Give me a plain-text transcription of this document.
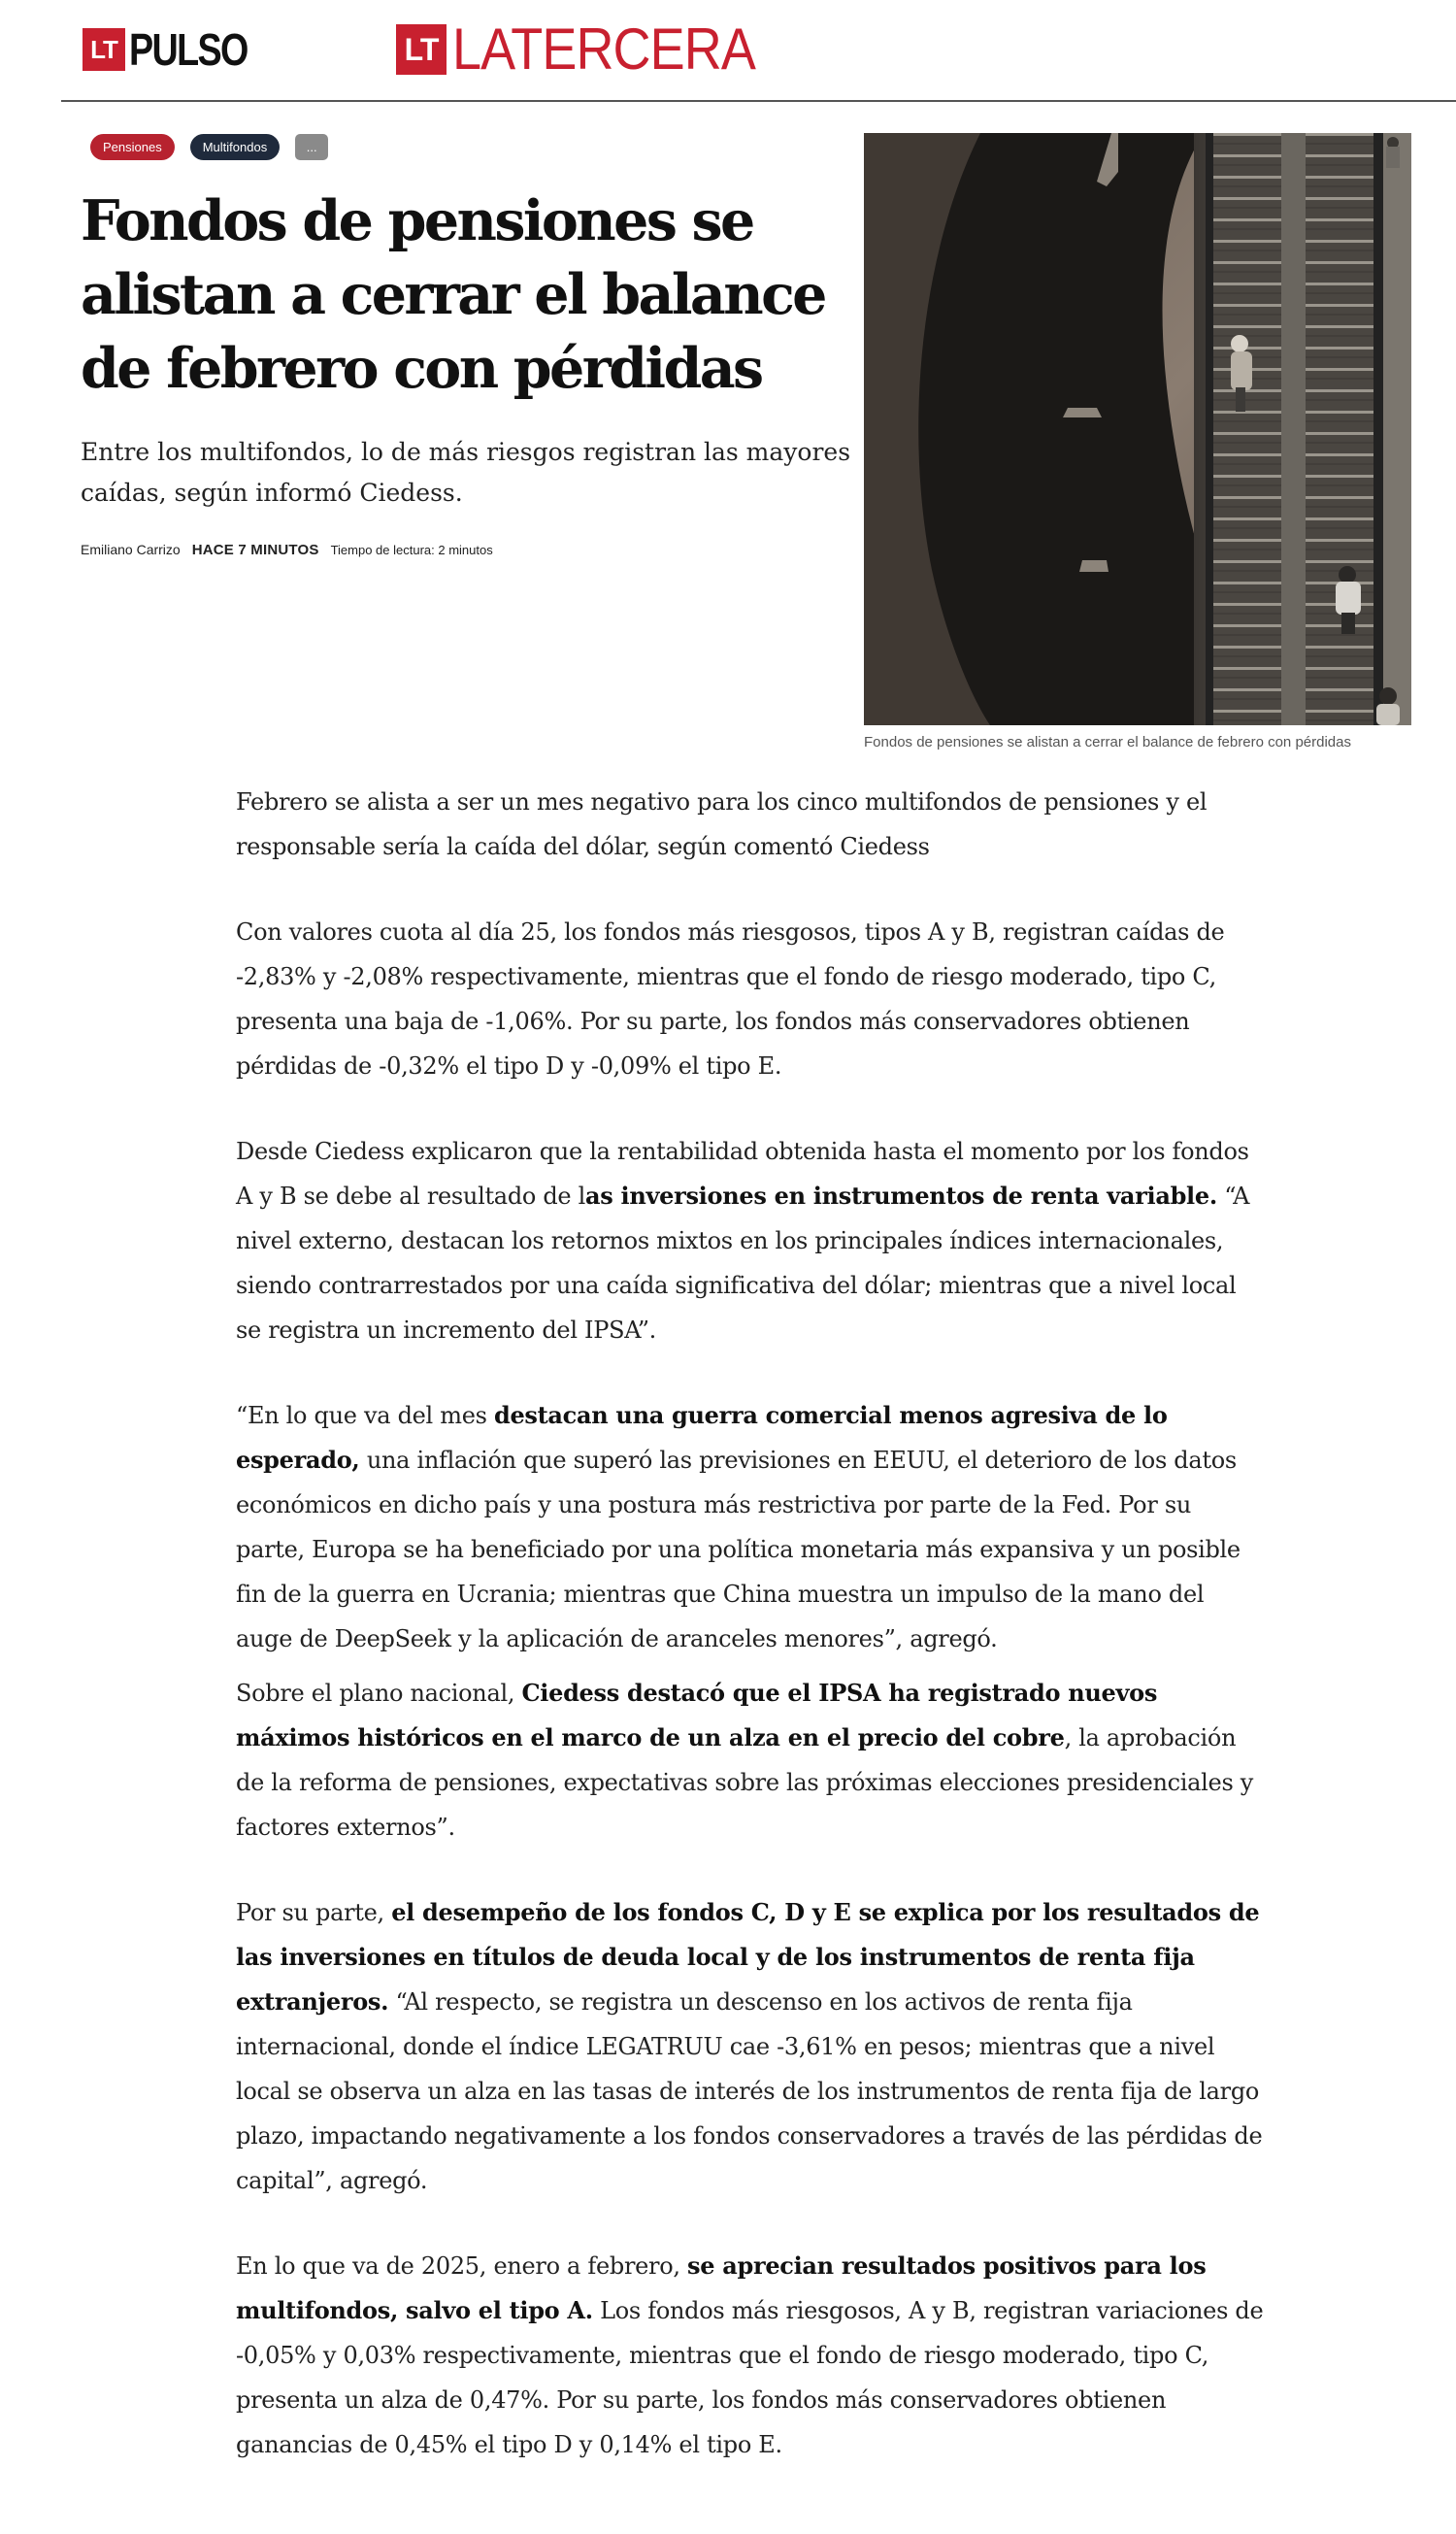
LT PULSO	LT LATERCERA
Pensiones	Multifondos	...
Fondos de pensiones se alistan a cerrar el balance de febrero con pérdidas

Entre los multifondos, lo de más riesgos registran las mayores caídas, según informó Ciedess.

Emiliano Carrizo HACE 7 MINUTOS Tiempo de lectura: 2 minutos
Fondos de pensiones se alistan a cerrar el balance de febrero con pérdidas

Febrero se alista a ser un mes negativo para los cinco multifondos de pensiones y el responsable sería la caída del dólar, según comentó Ciedess

Con valores cuota al día 25, los fondos más riesgosos, tipos A y B, registran caídas de -2,83% y -2,08% respectivamente, mientras que el fondo de riesgo moderado, tipo C, presenta una baja de -1,06%. Por su parte, los fondos más conservadores obtienen pérdidas de -0,32% el tipo D y -0,09% el tipo E.

Desde Ciedess explicaron que la rentabilidad obtenida hasta el momento por los fondos A y B se debe al resultado de las inversiones en instrumentos de renta variable. “A nivel externo, destacan los retornos mixtos en los principales índices internacionales, siendo contrarrestados por una caída significativa del dólar; mientras que a nivel local se registra un incremento del IPSA”.

“En lo que va del mes destacan una guerra comercial menos agresiva de lo esperado, una inflación que superó las previsiones en EEUU, el deterioro de los datos económicos en dicho país y una postura más restrictiva por parte de la Fed. Por su parte, Europa se ha beneficiado por una política monetaria más expansiva y un posible fin de la guerra en Ucrania; mientras que China muestra un impulso de la mano del auge de DeepSeek y la aplicación de aranceles menores”, agregó.

Sobre el plano nacional, Ciedess destacó que el IPSA ha registrado nuevos máximos históricos en el marco de un alza en el precio del cobre, la aprobación de la reforma de pensiones, expectativas sobre las próximas elecciones presidenciales y factores externos”.

Por su parte, el desempeño de los fondos C, D y E se explica por los resultados de las inversiones en títulos de deuda local y de los instrumentos de renta fija extranjeros. “Al respecto, se registra un descenso en los activos de renta fija internacional, donde el índice LEGATRUU cae -3,61% en pesos; mientras que a nivel local se observa un alza en las tasas de interés de los instrumentos de renta fija de largo plazo, impactando negativamente a los fondos conservadores a través de las pérdidas de capital”, agregó.

En lo que va de 2025, enero a febrero, se aprecian resultados positivos para los multifondos, salvo el tipo A. Los fondos más riesgosos, A y B, registran variaciones de -0,05% y 0,03% respectivamente, mientras que el fondo de riesgo moderado, tipo C, presenta un alza de 0,47%. Por su parte, los fondos más conservadores obtienen ganancias de 0,45% el tipo D y 0,14% el tipo E.
